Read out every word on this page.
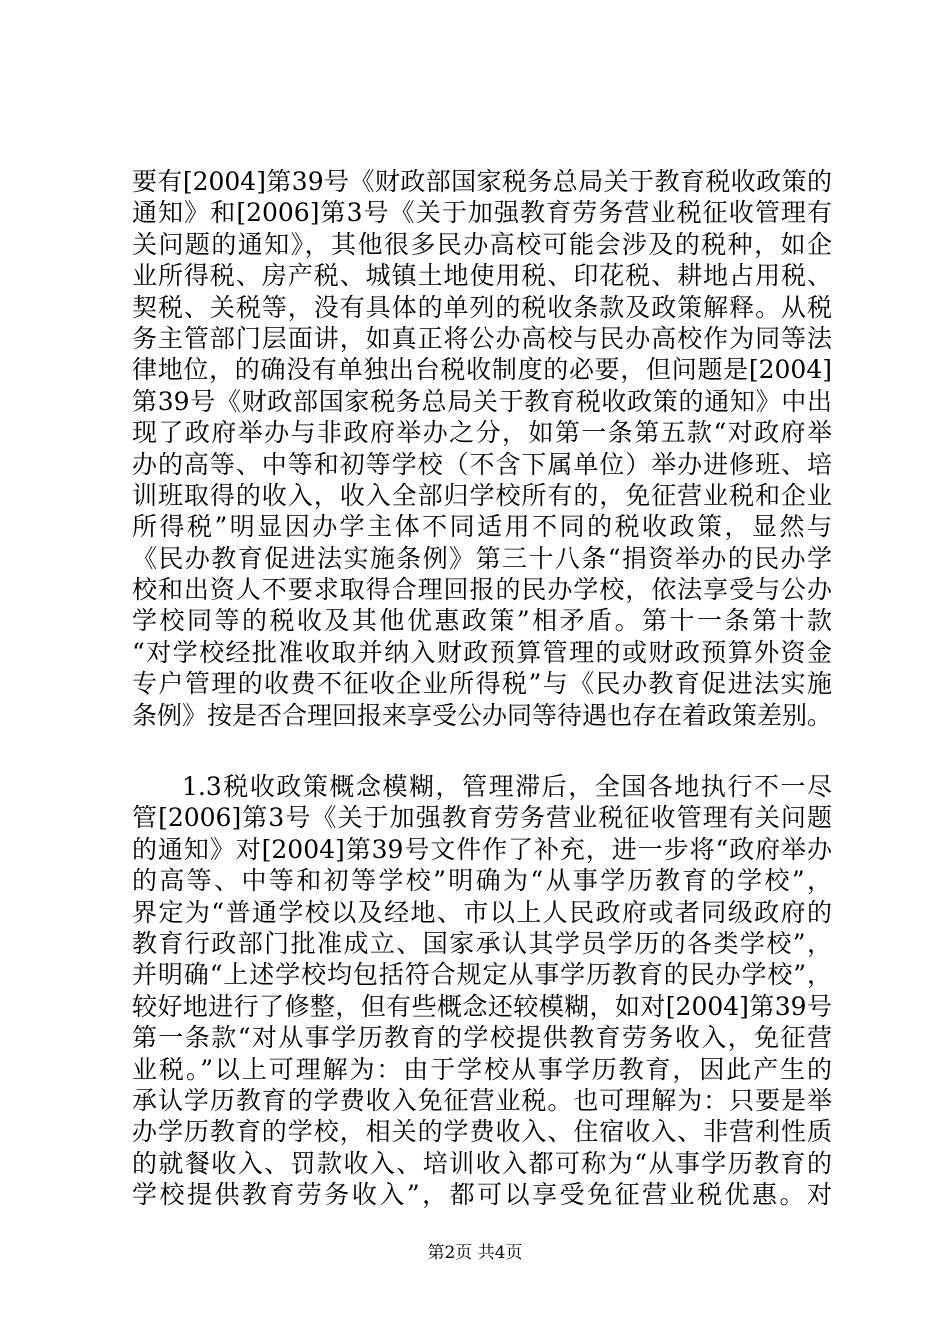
要有[2004]第39号《财政部国家税务总局关于教育税收政策的
通知》和[2006]第3号《关于加强教育劳务营业税征收管理有
关问题的通知》，其他很多民办高校可能会涉及的税种，如企
业所得税、房产税、城镇土地使用税、印花税、耕地占用税、
契税、关税等，没有具体的单列的税收条款及政策解释。从税
务主管部门层面讲，如真正将公办高校与民办高校作为同等法
律地位，的确没有单独出台税收制度的必要，但问题是[2004]
第39号《财政部国家税务总局关于教育税收政策的通知》中出
现了政府举办与非政府举办之分，如第一条第五款“对政府举
办的高等、中等和初等学校（不含下属单位）举办进修班、培
训班取得的收入，收入全部归学校所有的，免征营业税和企业
所得税”明显因办学主体不同适用不同的税收政策，显然与
《民办教育促进法实施条例》第三十八条“捐资举办的民办学
校和出资人不要求取得合理回报的民办学校，依法享受与公办
学校同等的税收及其他优惠政策”相矛盾。第十一条第十款
“对学校经批准收取并纳入财政预算管理的或财政预算外资金
专户管理的收费不征收企业所得税”与《民办教育促进法实施
条例》按是否合理回报来享受公办同等待遇也存在着政策差别。
1.3税收政策概念模糊，管理滞后，全国各地执行不一尽
管[2006]第3号《关于加强教育劳务营业税征收管理有关问题
的通知》对[2004]第39号文件作了补充，进一步将“政府举办
的高等、中等和初等学校”明确为“从事学历教育的学校”，
界定为“普通学校以及经地、市以上人民政府或者同级政府的
教育行政部门批准成立、国家承认其学员学历的各类学校”，
并明确“上述学校均包括符合规定从事学历教育的民办学校”，
较好地进行了修整，但有些概念还较模糊，如对[2004]第39号
第一条款“对从事学历教育的学校提供教育劳务收入，免征营
业税。”以上可理解为：由于学校从事学历教育，因此产生的
承认学历教育的学费收入免征营业税。也可理解为：只要是举
办学历教育的学校，相关的学费收入、住宿收入、非营利性质
的就餐收入、罚款收入、培训收入都可称为“从事学历教育的
学校提供教育劳务收入”，都可以享受免征营业税优惠。对
第2页 共4页
